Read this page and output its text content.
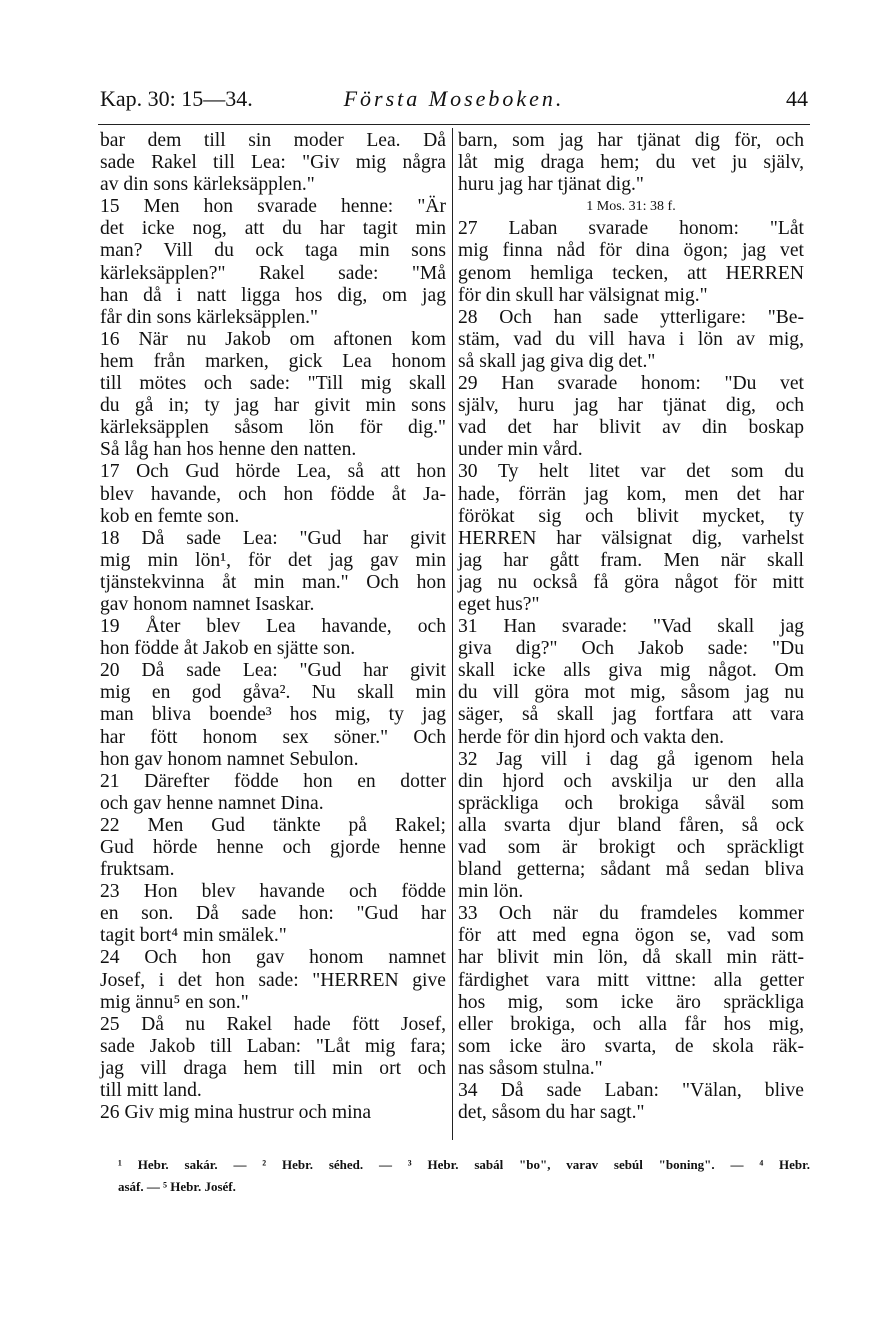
Kap. 30: 15—34.	Första Moseboken.	44
bar dem till sin moder Lea. Då
sade Rakel till Lea: "Giv mig några
av din sons kärleksäpplen."
15 Men hon svarade henne: "Är
det icke nog, att du har tagit min
man? Vill du ock taga min sons
kärleksäpplen?" Rakel sade: "Må
han då i natt ligga hos dig, om jag
får din sons kärleksäpplen."
16 När nu Jakob om aftonen kom
hem från marken, gick Lea honom
till mötes och sade: "Till mig skall
du gå in; ty jag har givit min sons
kärleksäpplen såsom lön för dig."
Så låg han hos henne den natten.
17 Och Gud hörde Lea, så att hon
blev havande, och hon födde åt Ja-
kob en femte son.
18 Då sade Lea: "Gud har givit
mig min lön¹, för det jag gav min
tjänstekvinna åt min man." Och hon
gav honom namnet Isaskar.
19 Åter blev Lea havande, och
hon födde åt Jakob en sjätte son.
20 Då sade Lea: "Gud har givit
mig en god gåva². Nu skall min
man bliva boende³ hos mig, ty jag
har fött honom sex söner." Och
hon gav honom namnet Sebulon.
21 Därefter födde hon en dotter
och gav henne namnet Dina.
22 Men Gud tänkte på Rakel;
Gud hörde henne och gjorde henne
fruktsam.
23 Hon blev havande och födde
en son. Då sade hon: "Gud har
tagit bort⁴ min smälek."
24 Och hon gav honom namnet
Josef, i det hon sade: "HERREN give
mig ännu⁵ en son."
25 Då nu Rakel hade fött Josef,
sade Jakob till Laban: "Låt mig fara;
jag vill draga hem till min ort och
till mitt land.
26 Giv mig mina hustrur och mina
barn, som jag har tjänat dig för, och
låt mig draga hem; du vet ju själv,
huru jag har tjänat dig."
1 Mos. 31: 38 f.
27 Laban svarade honom: "Låt
mig finna nåd för dina ögon; jag vet
genom hemliga tecken, att HERREN
för din skull har välsignat mig."
28 Och han sade ytterligare: "Be-
stäm, vad du vill hava i lön av mig,
så skall jag giva dig det."
29 Han svarade honom: "Du vet
själv, huru jag har tjänat dig, och
vad det har blivit av din boskap
under min vård.
30 Ty helt litet var det som du
hade, förrän jag kom, men det har
förökat sig och blivit mycket, ty
HERREN har välsignat dig, varhelst
jag har gått fram. Men när skall
jag nu också få göra något för mitt
eget hus?"
31 Han svarade: "Vad skall jag
giva dig?" Och Jakob sade: "Du
skall icke alls giva mig något. Om
du vill göra mot mig, såsom jag nu
säger, så skall jag fortfara att vara
herde för din hjord och vakta den.
32 Jag vill i dag gå igenom hela
din hjord och avskilja ur den alla
spräckliga och brokiga såväl som
alla svarta djur bland fåren, så ock
vad som är brokigt och spräckligt
bland getterna; sådant må sedan bliva
min lön.
33 Och när du framdeles kommer
för att med egna ögon se, vad som
har blivit min lön, då skall min rätt-
färdighet vara mitt vittne: alla getter
hos mig, som icke äro spräckliga
eller brokiga, och alla får hos mig,
som icke äro svarta, de skola räk-
nas såsom stulna."
34 Då sade Laban: "Välan, blive
det, såsom du har sagt."
¹ Hebr. sakár. — ² Hebr. séhed. — ³ Hebr. sabál "bo", varav sebúl "boning". — ⁴ Hebr.
asáf. — ⁵ Hebr. Joséf.
